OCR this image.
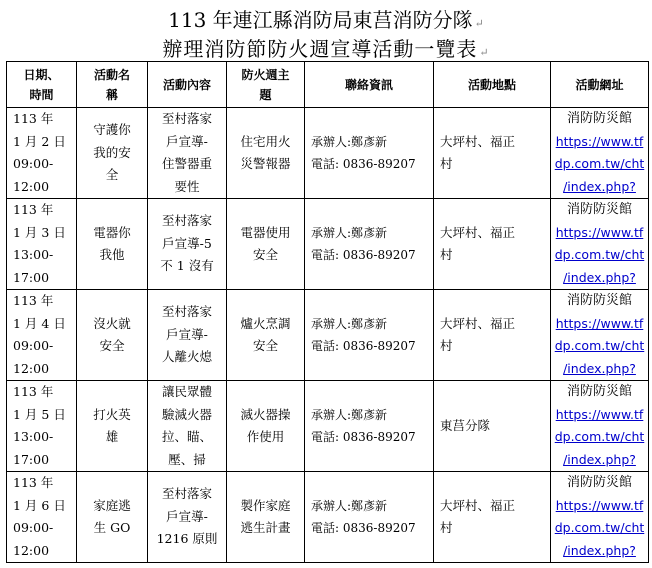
113 年連江縣消防局東莒消防分隊 ↵
辦理消防節防火週宣導活動一覽表 ↵
日期、
時間	活動名
稱	活動內容	防火週主
題	聯絡資訊	活動地點	活動網址

113 年
1 月 2 日
09:00-
12:00	守護你
我的安
全	至村落家
戶宣導-
住警器重
要性	住宅用火
災警報器	承辦人:鄭彥新
電話: 0836-89207	大坪村、福正
村	消防防災館
https://www.tf
dp.com.tw/cht
/index.php?

113 年
1 月 3 日
13:00-
17:00	電器你
我他	至村落家
戶宣導-5
不 1 沒有	電器使用
安全	承辦人:鄭彥新
電話: 0836-89207	大坪村、福正
村	消防防災館
https://www.tf
dp.com.tw/cht
/index.php?

113 年
1 月 4 日
09:00-
12:00	沒火就
安全	至村落家
戶宣導-
人離火熄	爐火烹調
安全	承辦人:鄭彥新
電話: 0836-89207	大坪村、福正
村	消防防災館
https://www.tf
dp.com.tw/cht
/index.php?

113 年
1 月 5 日
13:00-
17:00	打火英
雄	讓民眾體
驗滅火器
拉、瞄、
壓、掃	滅火器操
作使用	承辦人:鄭彥新
電話: 0836-89207	東莒分隊	消防防災館
https://www.tf
dp.com.tw/cht
/index.php?

113 年
1 月 6 日
09:00-
12:00	家庭逃
生 GO	至村落家
戶宣導-
1216 原則	製作家庭
逃生計畫	承辦人:鄭彥新
電話: 0836-89207	大坪村、福正
村	消防防災館
https://www.tf
dp.com.tw/cht
/index.php?
